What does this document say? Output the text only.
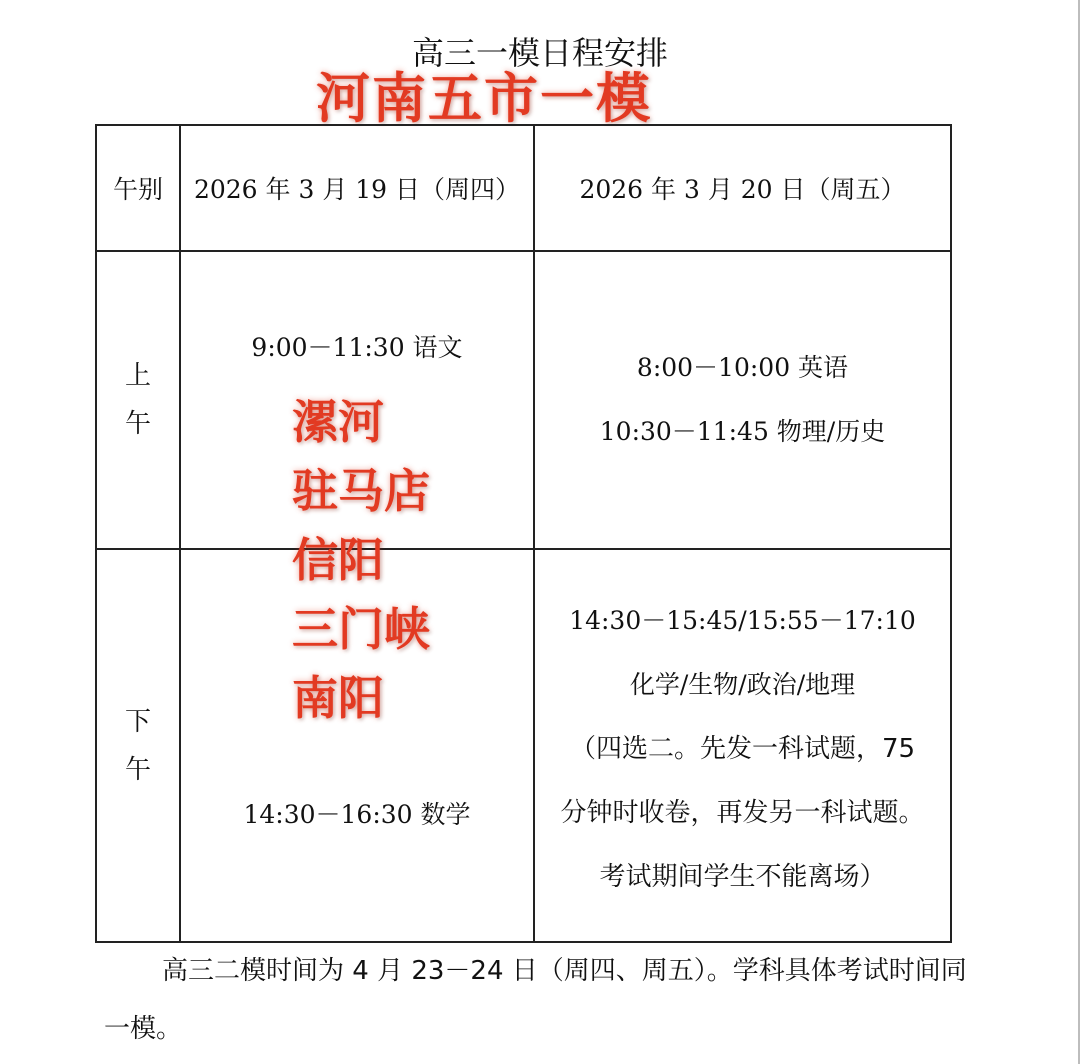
高三一模日程安排

河南五市一模

午别	2026 年 3 月 19 日（周四）	2026 年 3 月 20 日（周五）
上
午	9:00－11:30 语文	8:00－10:00 英语
10:30－11:45 物理/历史

下
午	14:30－16:30 数学	14:30－15:45/15:55－17:10
化学/生物/政治/地理
（四选二。先发一科试题，75
分钟时收卷，再发另一科试题。
考试期间学生不能离场）
漯河
驻马店
信阳
三门峡
南阳
高三二模时间为 4 月 23－24 日（周四、周五）。学科具体考试时间同一模。
